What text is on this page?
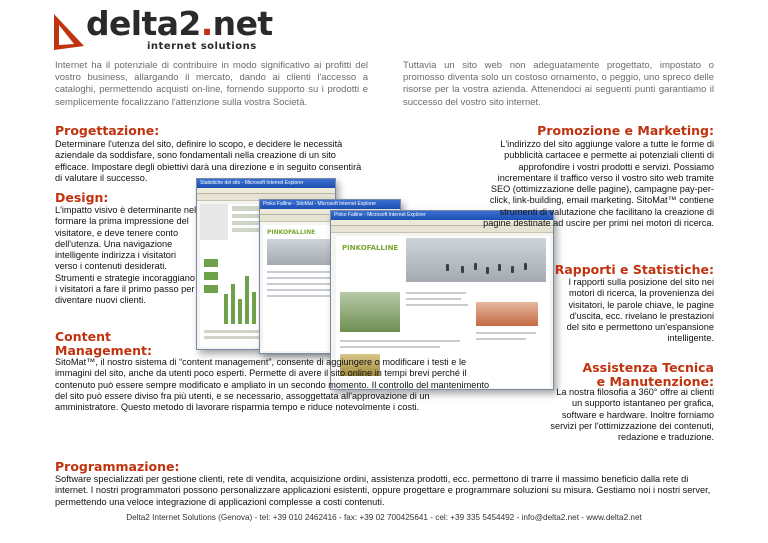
delta2.net
internet solutions
Internet ha il potenziale di contribuire in modo significativo ai profitti del vostro business, allargando il mercato, dando ai clienti l'accesso a cataloghi, permettendo acquisti on-line, fornendo supporto su i prodotti e semplicemente focalizzano l'attenzione sulla vostra Società.
Tuttavia un sito web non adeguatamente progettato, impostato o promosso diventa solo un costoso ornamento, o peggio, uno spreco delle risorse per la vostra azienda. Attenendoci ai seguenti punti garantiamo il successo del vostro sito internet.
Statistiche del sito - Microsoft Internet Explorer
Pinko Falline - SitoMat - Microsoft Internet Explorer
PINKOFALLINE
Pinko Falline - Microsoft Internet Explorer
PINKOFALLINE
Progettazione:
Determinare l'utenza del sito, definire lo scopo, e decidere le necessità aziendale da soddisfare, sono fondamentali nella creazione di un sito efficace. Impostare degli obiettivi darà una direzione e in seguito consentirà di valutare il successo.
Design:
L'impatto visivo è determinante nel formare la prima impressione del visitatore, e deve tenere conto dell'utenza. Una navigazione intelligente indirizza i visitatori verso i contenuti desiderati. Strumenti e strategie incoraggiano i visitatori a fare il primo passo per diventare nuovi clienti.
Content Management:
SitoMat™, il nostro sistema di “content management”, consente di aggiungere o modificare i testi e le immagini del sito, anche da utenti poco esperti. Permette di avere il sito online in tempi brevi perché il contenuto può essere sempre modificato e ampliato in un secondo momento. Il controllo del mantenimento del sito può essere diviso fra più utenti, e se necessario, assoggettata all'approvazione di un amministratore. Questo metodo di lavorare risparmia tempo e riduce notevolmente i costi.
Promozione e Marketing:
L'indirizzo del sito aggiunge valore a tutte le forme di pubblicità cartacee e permette ai potenziali clienti di approfondire i vostri prodotti e servizi. Possiamo incrementare il traffico verso il vostro sito web tramite SEO (ottimizzazione delle pagine), campagne pay-per-click, link-building, email marketing. SitoMat™ contiene strumenti di valutazione che facilitano la creazione di pagine destinate ad uscire per primi nei motori di ricerca.
Rapporti e Statistiche:
I rapporti sulla posizione del sito nei motori di ricerca, la provenienza dei visitatori, le parole chiave, le pagine d'uscita, ecc. rivelano le prestazioni del sito e permettono un'espansione intelligente.
Assistenza Tecnica e Manutenzione:
La nostra filosofia a 360° offre ai clienti un supporto istantaneo per grafica, software e hardware. Inoltre forniamo servizi per l'ottimizzazione dei contenuti, redazione e traduzione.
Programmazione:
Software specializzati per gestione clienti, rete di vendita, acquisizione ordini, assistenza prodotti, ecc. permettono di trarre il massimo beneficio dalla rete di internet. I nostri programmatori possono personalizzare applicazioni esistenti, oppure progettare e programmare soluzioni su misura. Gestiamo noi i nostri server, permettendo una veloce integrazione di applicazioni complesse a costi contenuti.
Delta2 Internet Solutions (Genova) - tel: +39 010 2462416 - fax: +39 02 700425641 - cel: +39 335 5454492 - info@delta2.net - www.delta2.net
